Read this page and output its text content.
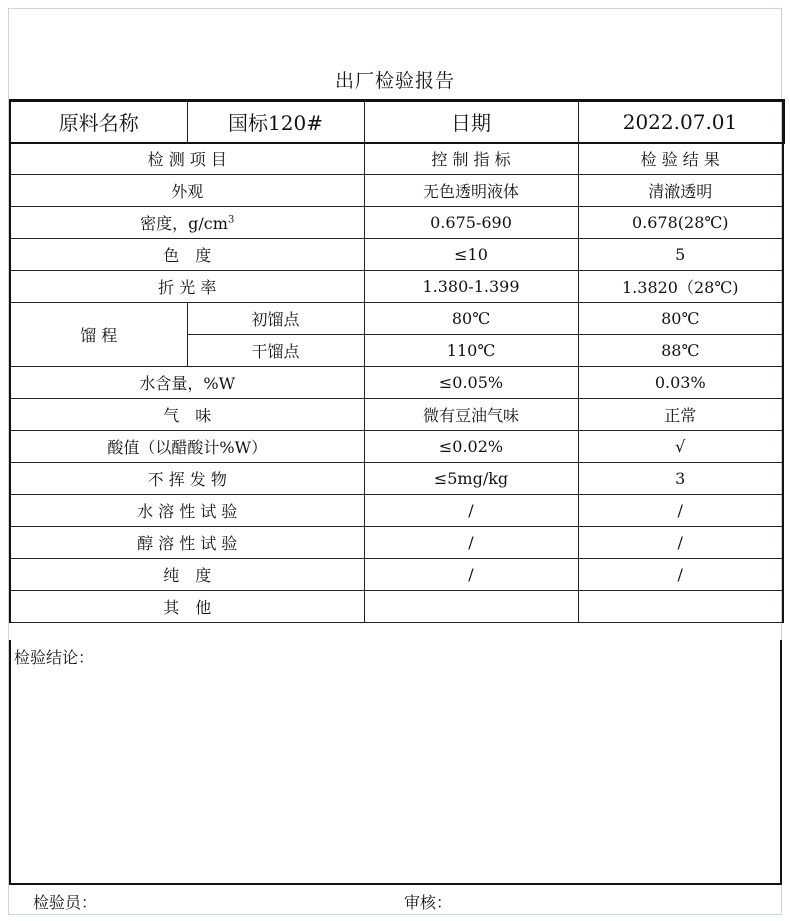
出厂检验报告
原料名称	国标120#	日期	2022.07.01
检 测 项 目		控 制 指 标	检 验 结 果
外观		无色透明液体	清澈透明
密度，$g/cm^3$		0.675-690	0.678(28℃)
色　度		≤10	5
折 光 率		1.380-1.399	1.3820（28℃)
馏 程	初馏点	80℃	80℃
	干馏点	110℃	88℃
水含量，%W		≤0.05%	0.03%
气　味		微有豆油气味	正常
酸值（以醋酸计%W）		≤0.02%	√
不 挥 发 物		≤5mg/kg	3
水 溶 性 试 验		/	/
醇 溶 性 试 验		/	/
纯　度		/	/
其　他			
检验结论：
检验员：	审核：
